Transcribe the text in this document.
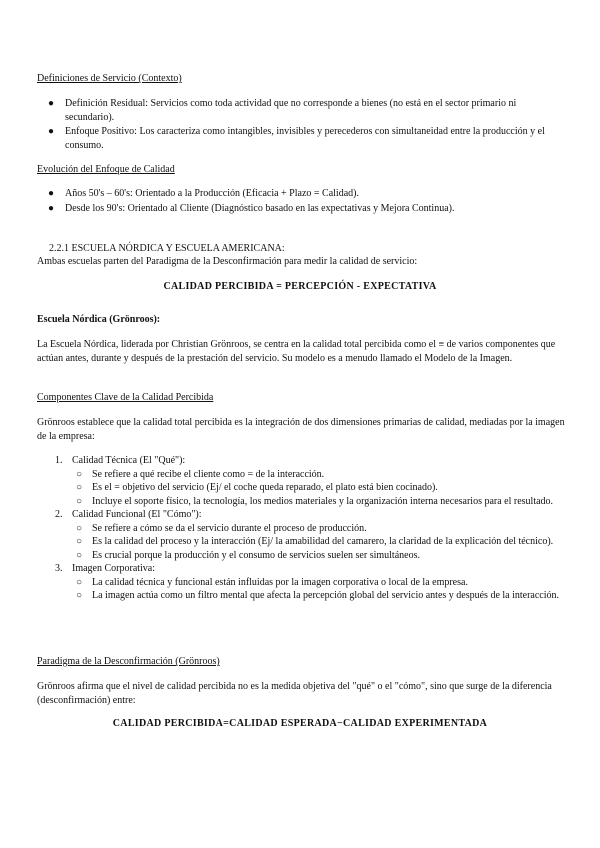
Definiciones de Servicio (Contexto)
● Definición Residual: Servicios como toda actividad que no corresponde a bienes (no está en el sector primario ni secundario).
● Enfoque Positivo: Los caracteriza como intangibles, invisibles y perecederos con simultaneidad entre la producción y el consumo.
Evolución del Enfoque de Calidad
● Años 50's – 60's: Orientado a la Producción (Eficacia + Plazo = Calidad).
● Desde los 90's: Orientado al Cliente (Diagnóstico basado en las expectativas y Mejora Continua).
2.2.1 ESCUELA NÓRDICA Y ESCUELA AMERICANA:
Ambas escuelas parten del Paradigma de la Desconfirmación para medir la calidad de servicio:
CALIDAD PERCIBIDA = PERCEPCIÓN - EXPECTATIVA
Escuela Nórdica (Grönroos):
La Escuela Nórdica, liderada por Christian Grönroos, se centra en la calidad total percibida como el ≡ de varios componentes que actúan antes, durante y después de la prestación del servicio. Su modelo es a menudo llamado el Modelo de la Imagen.
Componentes Clave de la Calidad Percibida
Grönroos establece que la calidad total percibida es la integración de dos dimensiones primarias de calidad, mediadas por la imagen de la empresa:
1. Calidad Técnica (El "Qué"):
○ Se refiere a qué recibe el cliente como = de la interacción.
○ Es el = objetivo del servicio (Ej/ el coche queda reparado, el plato está bien cocinado).
○ Incluye el soporte físico, la tecnología, los medios materiales y la organización interna necesarios para el resultado.
2. Calidad Funcional (El "Cómo"):
○ Se refiere a cómo se da el servicio durante el proceso de producción.
○ Es la calidad del proceso y la interacción (Ej/ la amabilidad del camarero, la claridad de la explicación del técnico).
○ Es crucial porque la producción y el consumo de servicios suelen ser simultáneos.
3. Imagen Corporativa:
○ La calidad técnica y funcional están influidas por la imagen corporativa o local de la empresa.
○ La imagen actúa como un filtro mental que afecta la percepción global del servicio antes y después de la interacción.
Paradigma de la Desconfirmación (Grönroos)
Grönroos afirma que el nivel de calidad percibida no es la medida objetiva del "qué" o el "cómo", sino que surge de la diferencia (desconfirmación) entre:
CALIDAD PERCIBIDA=CALIDAD ESPERADA−CALIDAD EXPERIMENTADA
